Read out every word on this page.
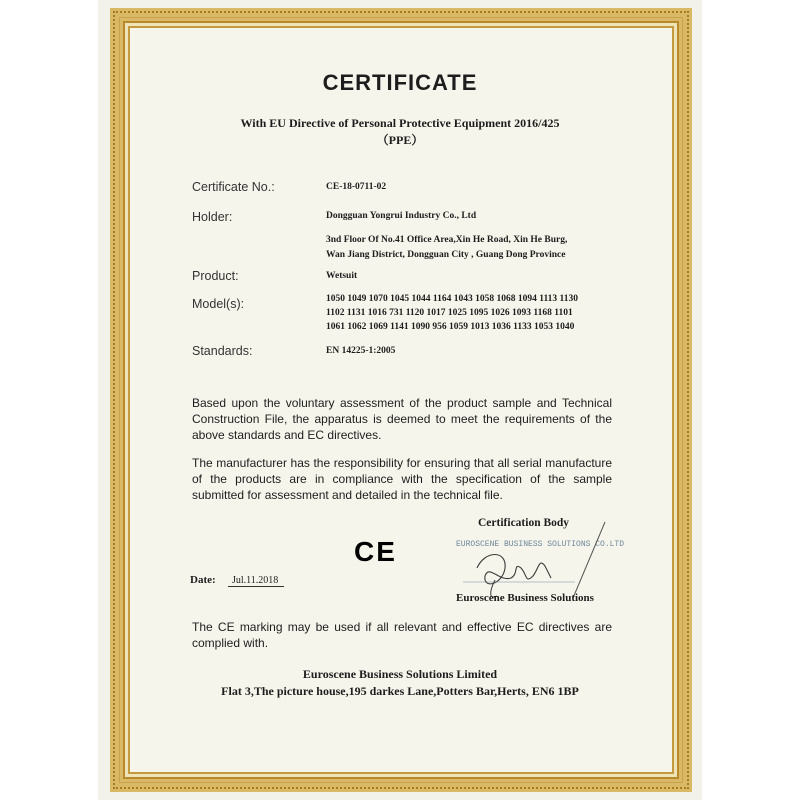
CERTIFICATE
With EU Directive of Personal Protective Equipment 2016/425
（PPE）
Certificate No.:	CE-18-0711-02
Holder:	Dongguan Yongrui Industry Co., Ltd
3nd Floor Of No.41 Office Area,Xin He Road, Xin He Burg,
Wan Jiang District, Dongguan City , Guang Dong Province
Product:	Wetsuit
Model(s):	1050 1049 1070 1045 1044 1164 1043 1058 1068 1094 1113 1130
1102 1131 1016 731 1120 1017 1025 1095 1026 1093 1168 1101
1061 1062 1069 1141 1090 956 1059 1013 1036 1133 1053 1040
Standards:	EN 14225-1:2005
Based upon the voluntary assessment of the product sample and Technical
Construction File, the apparatus is deemed to meet the requirements of the
above standards and EC directives.
The manufacturer has the responsibility for ensuring that all serial manufacture
of the products are in compliance with the specification of the sample
submitted for assessment and detailed in the technical file.
CE
Certification Body
EUROSCENE BUSINESS SOLUTIONS CO.LTD
Date:	Jul.11.2018
Euroscene Business Solutions
The CE marking may be used if all relevant and effective EC directives are
complied with.
Euroscene Business Solutions Limited
Flat 3,The picture house,195 darkes Lane,Potters Bar,Herts, EN6 1BP
